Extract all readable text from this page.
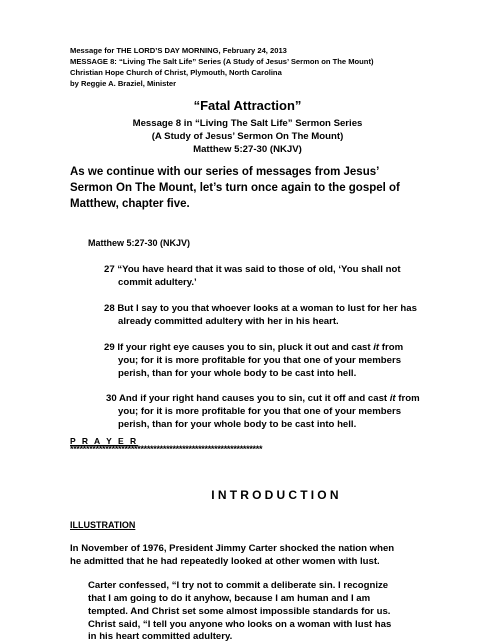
Message for THE LORD’S DAY MORNING, February 24, 2013
MESSAGE 8: “Living The Salt Life” Series (A Study of Jesus’ Sermon on The Mount)
Christian Hope Church of Christ, Plymouth, North Carolina
by Reggie A. Braziel, Minister
“Fatal Attraction”
Message 8 in “Living The Salt Life” Sermon Series
(A Study of Jesus’ Sermon On The Mount)
Matthew 5:27-30 (NKJV)
As we continue with our series of messages from Jesus’
Sermon On The Mount, let’s turn once again to the gospel of
Matthew, chapter five.
Matthew 5:27-30 (NKJV)
27 “You have heard that it was said to those of old, ‘You shall not
commit adultery.’
28 But I say to you that whoever looks at a woman to lust for her has
already committed adultery with her in his heart.
29 If your right eye causes you to sin, pluck it out and cast it from
you; for it is more profitable for you that one of your members
perish, than for your whole body to be cast into hell.
30 And if your right hand causes you to sin, cut it off and cast it from
you; for it is more profitable for you that one of your members
perish, than for your whole body to be cast into hell.
P R A Y E R
************************************************************
INTRODUCTION
ILLUSTRATION
In November of 1976, President Jimmy Carter shocked the nation when
he admitted that he had repeatedly looked at other women with lust.
Carter confessed, “I try not to commit a deliberate sin. I recognize
that I am going to do it anyhow, because I am human and I am
tempted. And Christ set some almost impossible standards for us.
Christ said, “I tell you anyone who looks on a woman with lust has
in his heart committed adultery.
